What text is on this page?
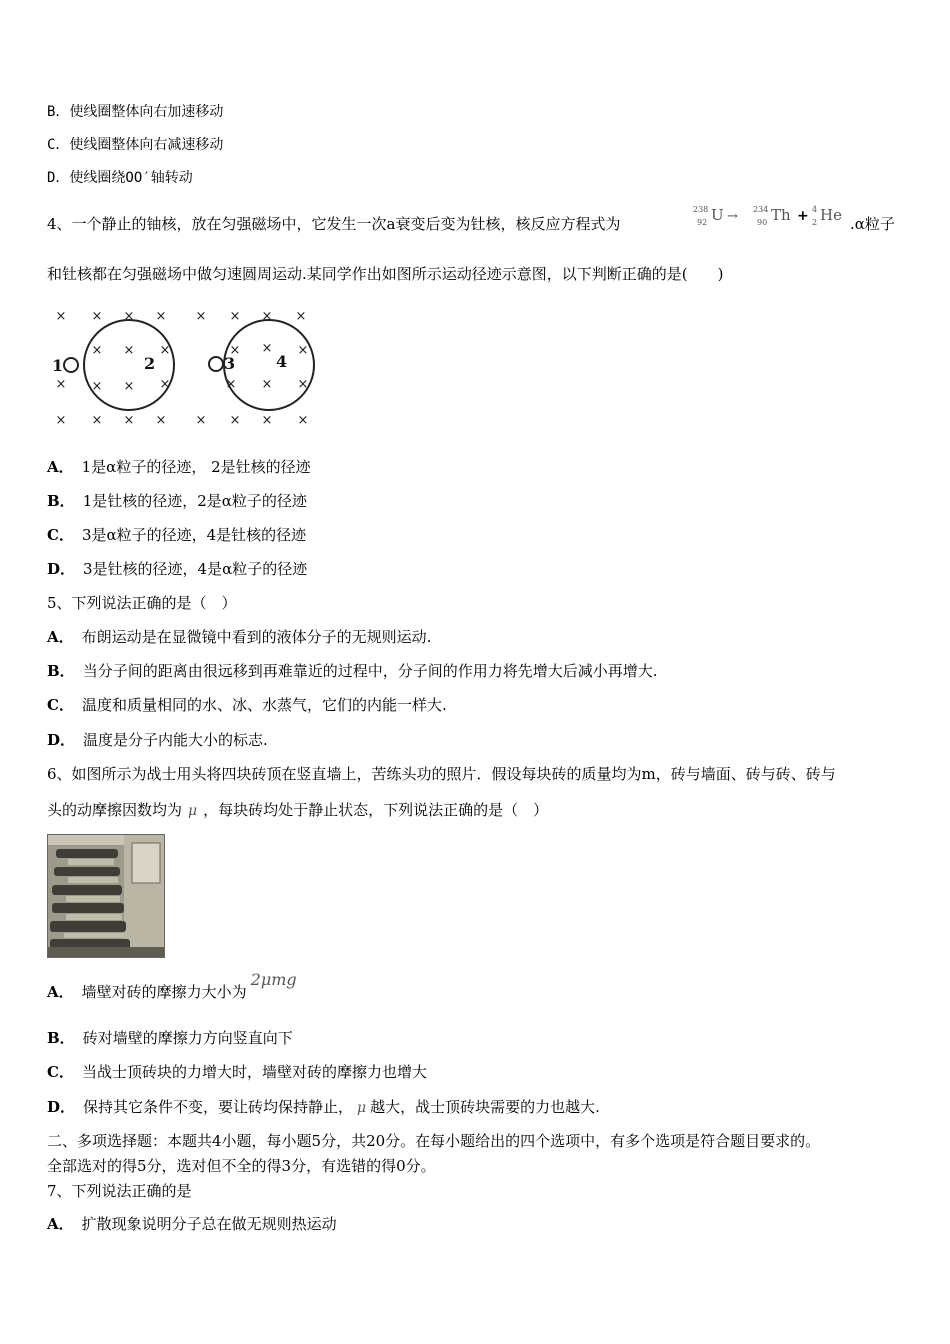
B．使线圈整体向右加速移动
C．使线圈整体向右减速移动
D．使线圈绕OO′轴转动
4、一个静止的铀核，放在匀强磁场中，它发生一次a衰变后变为钍核，核反应方程式为
238
92 U → 234
90 Th + 4
2 He .α粒子
和钍核都在匀强磁场中做匀速圆周运动.某同学作出如图所示运动径迹示意图，以下判断正确的是(　　)
× × × ×
× × ×
× × × ×
× × × ×
× × × ×
× × ×
× × ×
× × × ×
1	2	3	4
A． 1是α粒子的径迹， 2是钍核的径迹
B． 1是钍核的径迹，2是α粒子的径迹
C． 3是α粒子的径迹，4是钍核的径迹
D． 3是钍核的径迹，4是α粒子的径迹
5、下列说法正确的是（　）
A． 布朗运动是在显微镜中看到的液体分子的无规则运动.
B． 当分子间的距离由很远移到再难靠近的过程中，分子间的作用力将先增大后减小再增大.
C． 温度和质量相同的水、冰、水蒸气，它们的内能一样大.
D． 温度是分子内能大小的标志.
6、如图所示为战士用头将四块砖顶在竖直墙上，苦练头功的照片．假设每块砖的质量均为m，砖与墙面、砖与砖、砖与
头的动摩擦因数均为 μ ，每块砖均处于静止状态，下列说法正确的是（　）
A． 墙壁对砖的摩擦力大小为2μmg
B． 砖对墙壁的摩擦力方向竖直向下
C． 当战士顶砖块的力增大时，墙壁对砖的摩擦力也增大
D． 保持其它条件不变，要让砖均保持静止， μ 越大，战士顶砖块需要的力也越大.
二、多项选择题：本题共4小题，每小题5分，共20分。在每小题给出的四个选项中，有多个选项是符合题目要求的。
全部选对的得5分，选对但不全的得3分，有选错的得0分。
7、下列说法正确的是
A． 扩散现象说明分子总在做无规则热运动
